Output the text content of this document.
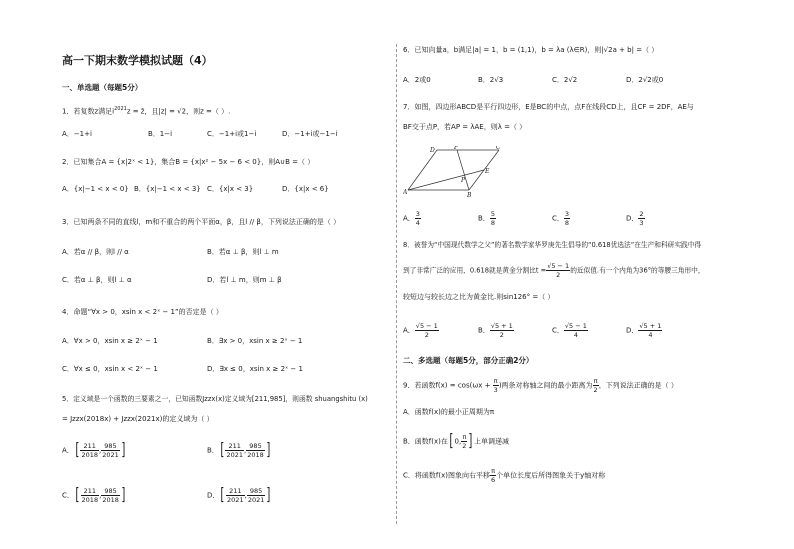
高一下期末数学模拟试题（4）
一、单选题（每题5分）
1．若复数z满足$i^{2021}z$ = z̄，且|z| = √2，则z =（ ）.
A．−1+i	B．1−i	C．−1+i或1−i	D．−1+i或−1−i
2．已知集合A = {x|2ˣ < 1}，集合B = {x|x² − 5x − 6 < 0}，则A∪B =（ ）
A．{x|−1 < x < 0} B．{x|−1 < x < 3} C．{x|x < 3}	D．{x|x < 6}
3．已知两条不同的直线l，m和不重合的两个平面α，β，且l // β，下列说法正确的是（ ）
A．若α // β，则l // α	B．若α ⊥ β，则l ⊥ m
C．若α ⊥ β，则l ⊥ α	D．若l ⊥ m，则m ⊥ β
4．命题“∀x > 0，xsin x < 2ˣ − 1”的否定是（ ）
A．∀x > 0，xsin x ≥ 2ˣ − 1	B．∃x > 0，xsin x ≥ 2ˣ − 1
C．∀x ≤ 0，xsin x < 2ˣ − 1	D．∃x ≤ 0，xsin x ≥ 2ˣ − 1
5．定义域是一个函数的三要素之一，已知函数Jzzx(x)定义域为[211,985]，则函数 shuangshitu (x)
= Jzzx(2018x) + Jzzx(2021x)的定义域为（ ）
A．[ $\frac{211}{2018}$ , $\frac{985}{2021}$ ]	B．[ $\frac{211}{2021}$ , $\frac{985}{2018}$ ]
C．[ $\frac{211}{2018}$ , $\frac{985}{2018}$ ]	D．[ $\frac{211}{2021}$ , $\frac{985}{2021}$ ]
6．已知向量a，b满足|a| = 1，b = (1,1)，b = λa (λ∈R)，则|√2a + b| =（ ）
A．2或0	B．2√3	C．2√2	D．2√2或0
7．如图，四边形ABCD是平行四边形，E是BC的中点，点F在线段CD上，且CF = 2DF，AE与
BF交于点P，若AP = λAE，则λ =（ ）
A	B
C
D
E
F
P
A． $\frac{3}{4}$	B． $\frac{5}{8}$	C． $\frac{3}{8}$	D． $\frac{2}{3}$
8．被誉为“中国现代数学之父”的著名数学家华罗庚先生倡导的“0.618优选法”在生产和科研实践中得
到了非常广泛的应用，0.618就是黄金分割比$t = \frac{√5 - 1}{2}$ 的近似值.有一个内角为36°的等腰三角形中，
较短边与较长边之比为黄金比.则sin126° =（ ）
A． $\frac{√5 - 1}{2}$	B． $\frac{√5 + 1}{2}$	C． $\frac{√5 - 1}{4}$	D． $\frac{√5 + 1}{4}$
二、多选题（每题5分，部分正确2分）
9．若函数$f(x) = \cos(\omega x + \frac{\pi}{3}$ )两条对称轴之间的最小距离为 $\frac{\pi}{2}$ ，下列说法正确的是（ ）
A．函数f(x)的最小正周期为π
B．函数f(x)在[0, $\frac{\pi}{2}$ ]上单调递减
C．将函数f(x)图象向右平移 $\frac{\pi}{6}$ 个单位长度后所得图象关于y轴对称
